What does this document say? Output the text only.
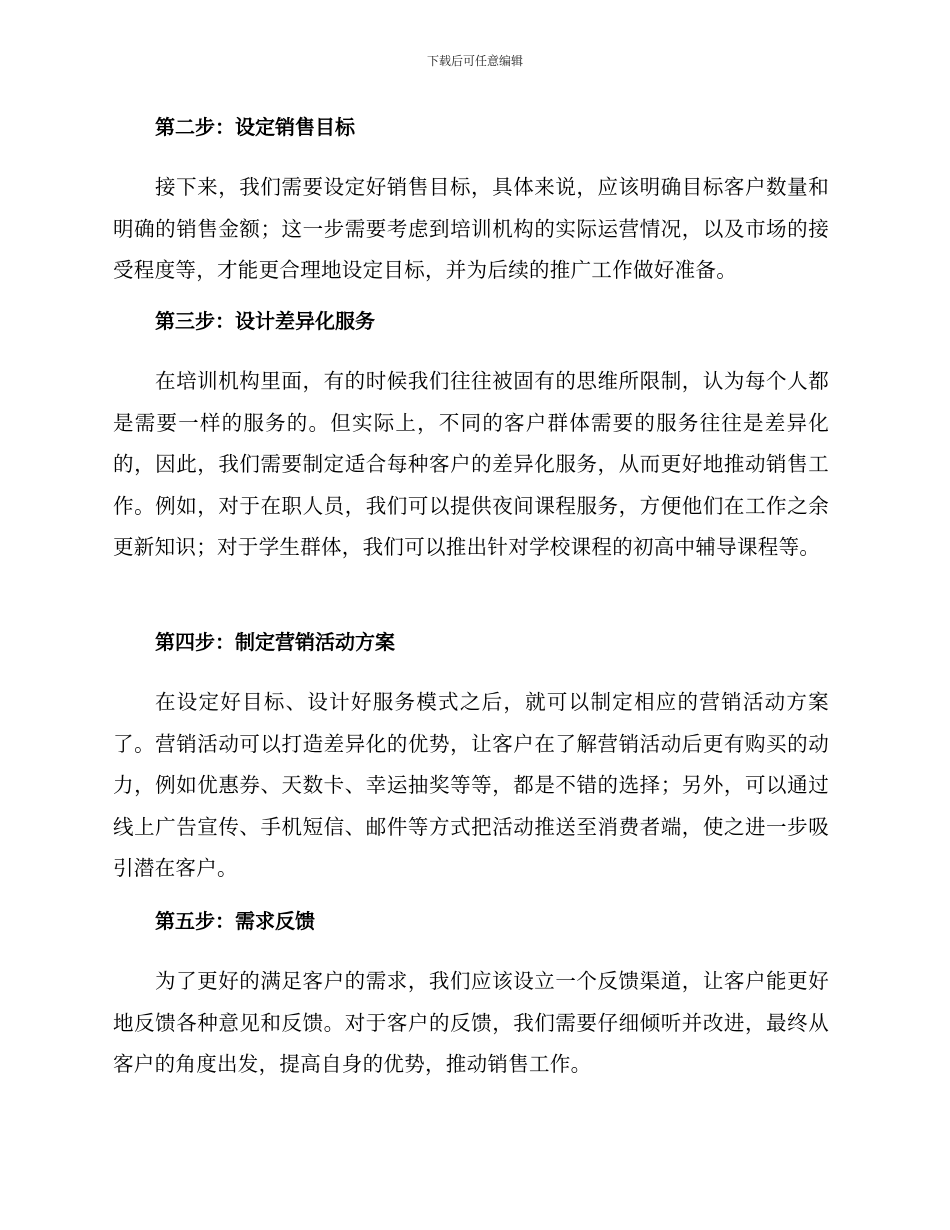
下载后可任意编辑
第二步：设定销售目标

接下来，我们需要设定好销售目标，具体来说，应该明确目标客户数量和明确的销售金额；这一步需要考虑到培训机构的实际运营情况，以及市场的接受程度等，才能更合理地设定目标，并为后续的推广工作做好准备。

第三步：设计差异化服务

在培训机构里面，有的时候我们往往被固有的思维所限制，认为每个人都是需要一样的服务的。但实际上，不同的客户群体需要的服务往往是差异化的，因此，我们需要制定适合每种客户的差异化服务，从而更好地推动销售工作。例如，对于在职人员，我们可以提供夜间课程服务，方便他们在工作之余更新知识；对于学生群体，我们可以推出针对学校课程的初高中辅导课程等。

第四步：制定营销活动方案

在设定好目标、设计好服务模式之后，就可以制定相应的营销活动方案了。营销活动可以打造差异化的优势，让客户在了解营销活动后更有购买的动力，例如优惠券、天数卡、幸运抽奖等等，都是不错的选择；另外，可以通过线上广告宣传、手机短信、邮件等方式把活动推送至消费者端，使之进一步吸引潜在客户。

第五步：需求反馈

为了更好的满足客户的需求，我们应该设立一个反馈渠道，让客户能更好地反馈各种意见和反馈。对于客户的反馈，我们需要仔细倾听并改进，最终从客户的角度出发，提高自身的优势，推动销售工作。
